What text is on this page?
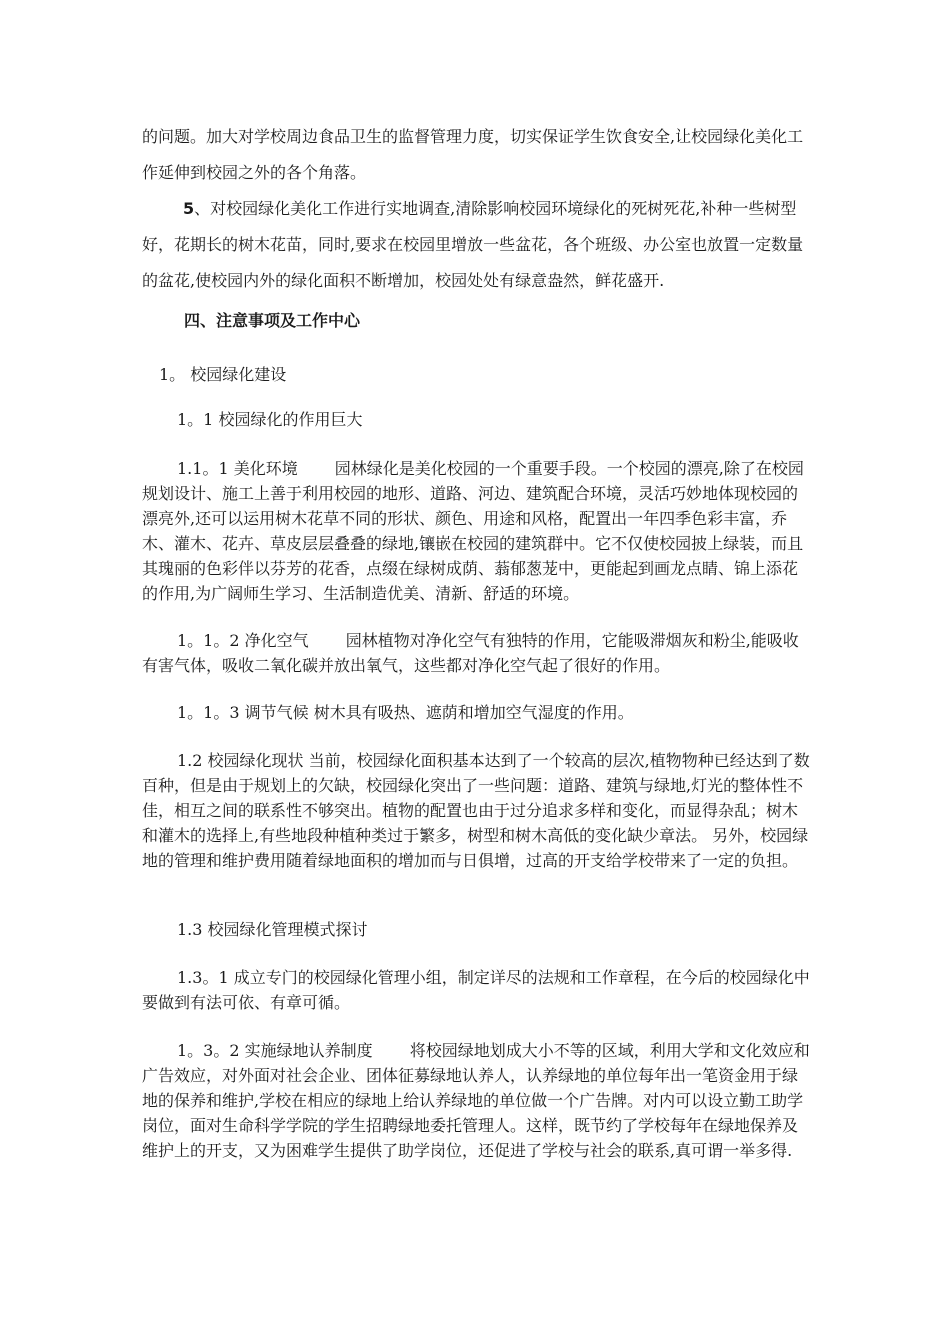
的问题。加大对学校周边食品卫生的监督管理力度，切实保证学生饮食安全,让校园绿化美化工作延伸到校园之外的各个角落。

5、对校园绿化美化工作进行实地调查,清除影响校园环境绿化的死树死花,补种一些树型好，花期长的树木花苗，同时,要求在校园里增放一些盆花，各个班级、办公室也放置一定数量的盆花,使校园内外的绿化面积不断增加，校园处处有绿意盎然，鲜花盛开.

四、注意事项及工作中心

1。 校园绿化建设

1。1 校园绿化的作用巨大

1.1。1 美化环境　　 园林绿化是美化校园的一个重要手段。一个校园的漂亮,除了在校园规划设计、施工上善于利用校园的地形、道路、河边、建筑配合环境，灵活巧妙地体现校园的漂亮外,还可以运用树木花草不同的形状、颜色、用途和风格，配置出一年四季色彩丰富，乔木、灌木、花卉、草皮层层叠叠的绿地,镶嵌在校园的建筑群中。它不仅使校园披上绿装，而且其瑰丽的色彩伴以芬芳的花香，点缀在绿树成荫、蓊郁葱茏中，更能起到画龙点睛、锦上添花的作用,为广阔师生学习、生活制造优美、清新、舒适的环境。

1。1。2 净化空气　　 园林植物对净化空气有独特的作用，它能吸滞烟灰和粉尘,能吸收有害气体，吸收二氧化碳并放出氧气，这些都对净化空气起了很好的作用。

1。1。3 调节气候 树木具有吸热、遮荫和增加空气湿度的作用。

1.2 校园绿化现状 当前，校园绿化面积基本达到了一个较高的层次,植物物种已经达到了数百种，但是由于规划上的欠缺，校园绿化突出了一些问题：道路、建筑与绿地,灯光的整体性不佳，相互之间的联系性不够突出。植物的配置也由于过分追求多样和变化，而显得杂乱；树木和灌木的选择上,有些地段种植种类过于繁多，树型和树木高低的变化缺少章法。 另外，校园绿地的管理和维护费用随着绿地面积的增加而与日俱增，过高的开支给学校带来了一定的负担。

1.3 校园绿化管理模式探讨

1.3。1 成立专门的校园绿化管理小组，制定详尽的法规和工作章程，在今后的校园绿化中要做到有法可依、有章可循。

1。3。2 实施绿地认养制度　　 将校园绿地划成大小不等的区域，利用大学和文化效应和广告效应，对外面对社会企业、团体征募绿地认养人，认养绿地的单位每年出一笔资金用于绿地的保养和维护,学校在相应的绿地上给认养绿地的单位做一个广告牌。对内可以设立勤工助学岗位，面对生命科学学院的学生招聘绿地委托管理人。这样，既节约了学校每年在绿地保养及维护上的开支，又为困难学生提供了助学岗位，还促进了学校与社会的联系,真可谓一举多得.
